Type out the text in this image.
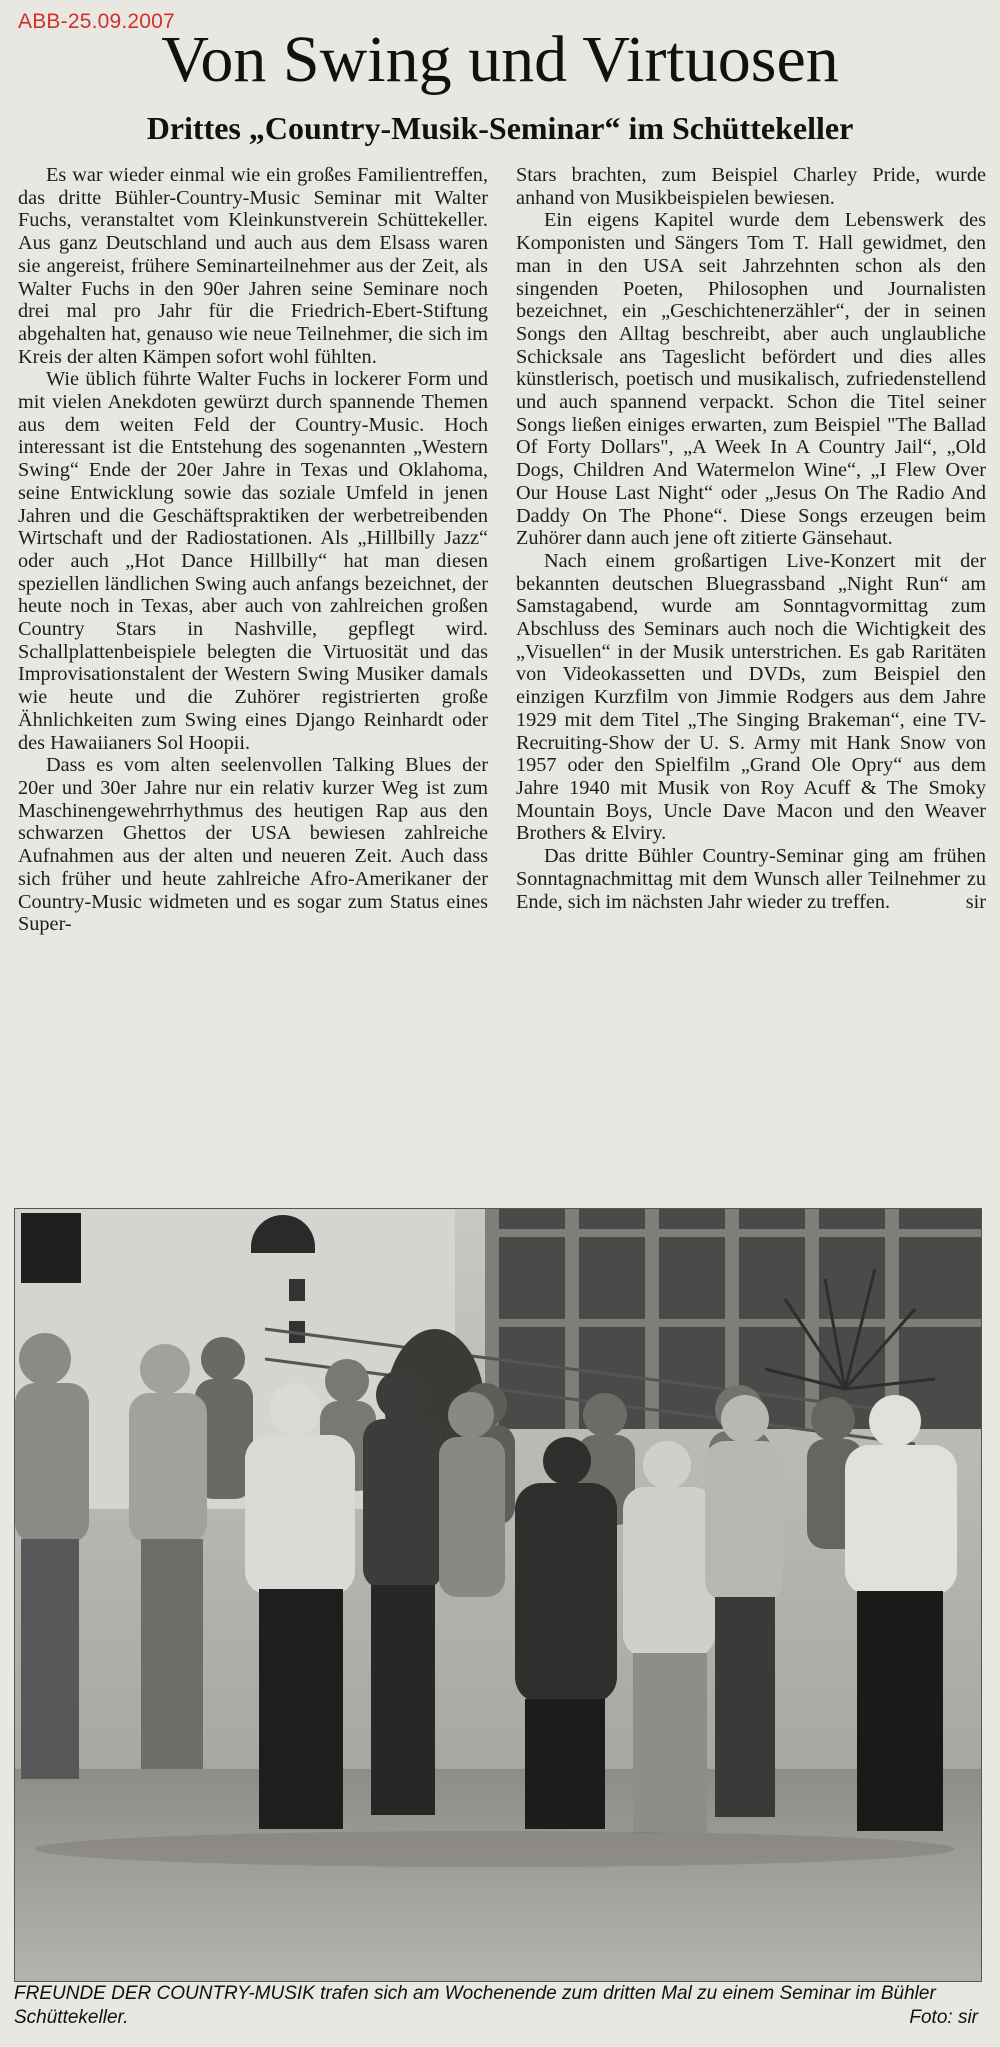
ABB-25.09.2007
Von Swing und Virtuosen
Drittes „Country-Musik-Seminar“ im Schüttekeller

Es war wieder einmal wie ein großes Familientreffen, das dritte Bühler-Country-Music Seminar mit Walter Fuchs, veranstaltet vom Kleinkunstverein Schüttekeller. Aus ganz Deutschland und auch aus dem Elsass waren sie angereist, frühere Seminarteilnehmer aus der Zeit, als Walter Fuchs in den 90er Jahren seine Seminare noch drei mal pro Jahr für die Friedrich-Ebert-Stiftung abgehalten hat, genauso wie neue Teilnehmer, die sich im Kreis der alten Kämpen sofort wohl fühlten.

Wie üblich führte Walter Fuchs in lockerer Form und mit vielen Anekdoten gewürzt durch spannende Themen aus dem weiten Feld der Country-Music. Hoch interessant ist die Entstehung des sogenannten „Western Swing“ Ende der 20er Jahre in Texas und Oklahoma, seine Entwicklung sowie das soziale Umfeld in jenen Jahren und die Geschäftspraktiken der werbetreibenden Wirtschaft und der Radiostationen. Als „Hillbilly Jazz“ oder auch „Hot Dance Hillbilly“ hat man diesen speziellen ländlichen Swing auch anfangs bezeichnet, der heute noch in Texas, aber auch von zahlreichen großen Country Stars in Nashville, gepflegt wird. Schallplattenbeispiele belegten die Virtuosität und das Improvisationstalent der Western Swing Musiker damals wie heute und die Zuhörer registrierten große Ähnlichkeiten zum Swing eines Django Reinhardt oder des Hawaiianers Sol Hoopii.

Dass es vom alten seelenvollen Talking Blues der 20er und 30er Jahre nur ein relativ kurzer Weg ist zum Maschinengewehrrhythmus des heutigen Rap aus den schwarzen Ghettos der USA bewiesen zahlreiche Aufnahmen aus der alten und neueren Zeit. Auch dass sich früher und heute zahlreiche Afro-Amerikaner der Country-Music widmeten und es sogar zum Status eines Super-

Stars brachten, zum Beispiel Charley Pride, wurde anhand von Musikbeispielen bewiesen.

Ein eigens Kapitel wurde dem Lebenswerk des Komponisten und Sängers Tom T. Hall gewidmet, den man in den USA seit Jahrzehnten schon als den singenden Poeten, Philosophen und Journalisten bezeichnet, ein „Geschichtenerzähler“, der in seinen Songs den Alltag beschreibt, aber auch unglaubliche Schicksale ans Tageslicht befördert und dies alles künstlerisch, poetisch und musikalisch, zufriedenstellend und auch spannend verpackt. Schon die Titel seiner Songs ließen einiges erwarten, zum Beispiel "The Ballad Of Forty Dollars", „A Week In A Country Jail“, „Old Dogs, Children And Watermelon Wine“, „I Flew Over Our House Last Night“ oder „Jesus On The Radio And Daddy On The Phone“. Diese Songs erzeugen beim Zuhörer dann auch jene oft zitierte Gänsehaut.

Nach einem großartigen Live-Konzert mit der bekannten deutschen Bluegrassband „Night Run“ am Samstagabend, wurde am Sonntagvormittag zum Abschluss des Seminars auch noch die Wichtigkeit des „Visuellen“ in der Musik unterstrichen. Es gab Raritäten von Videokassetten und DVDs, zum Beispiel den einzigen Kurzfilm von Jimmie Rodgers aus dem Jahre 1929 mit dem Titel „The Singing Brakeman“, eine TV-Recruiting-Show der U. S. Army mit Hank Snow von 1957 oder den Spielfilm „Grand Ole Opry“ aus dem Jahre 1940 mit Musik von Roy Acuff & The Smoky Mountain Boys, Uncle Dave Macon und den Weaver Brothers & Elviry.

Das dritte Bühler Country-Seminar ging am frühen Sonntagnachmittag mit dem Wunsch aller Teilnehmer zu Ende, sich im nächsten Jahr wieder zu treffen.	sir

FREUNDE DER COUNTRY-MUSIK trafen sich am Wochenende zum dritten Mal zu einem Seminar im Bühler Schüttekeller.	Foto: sir
